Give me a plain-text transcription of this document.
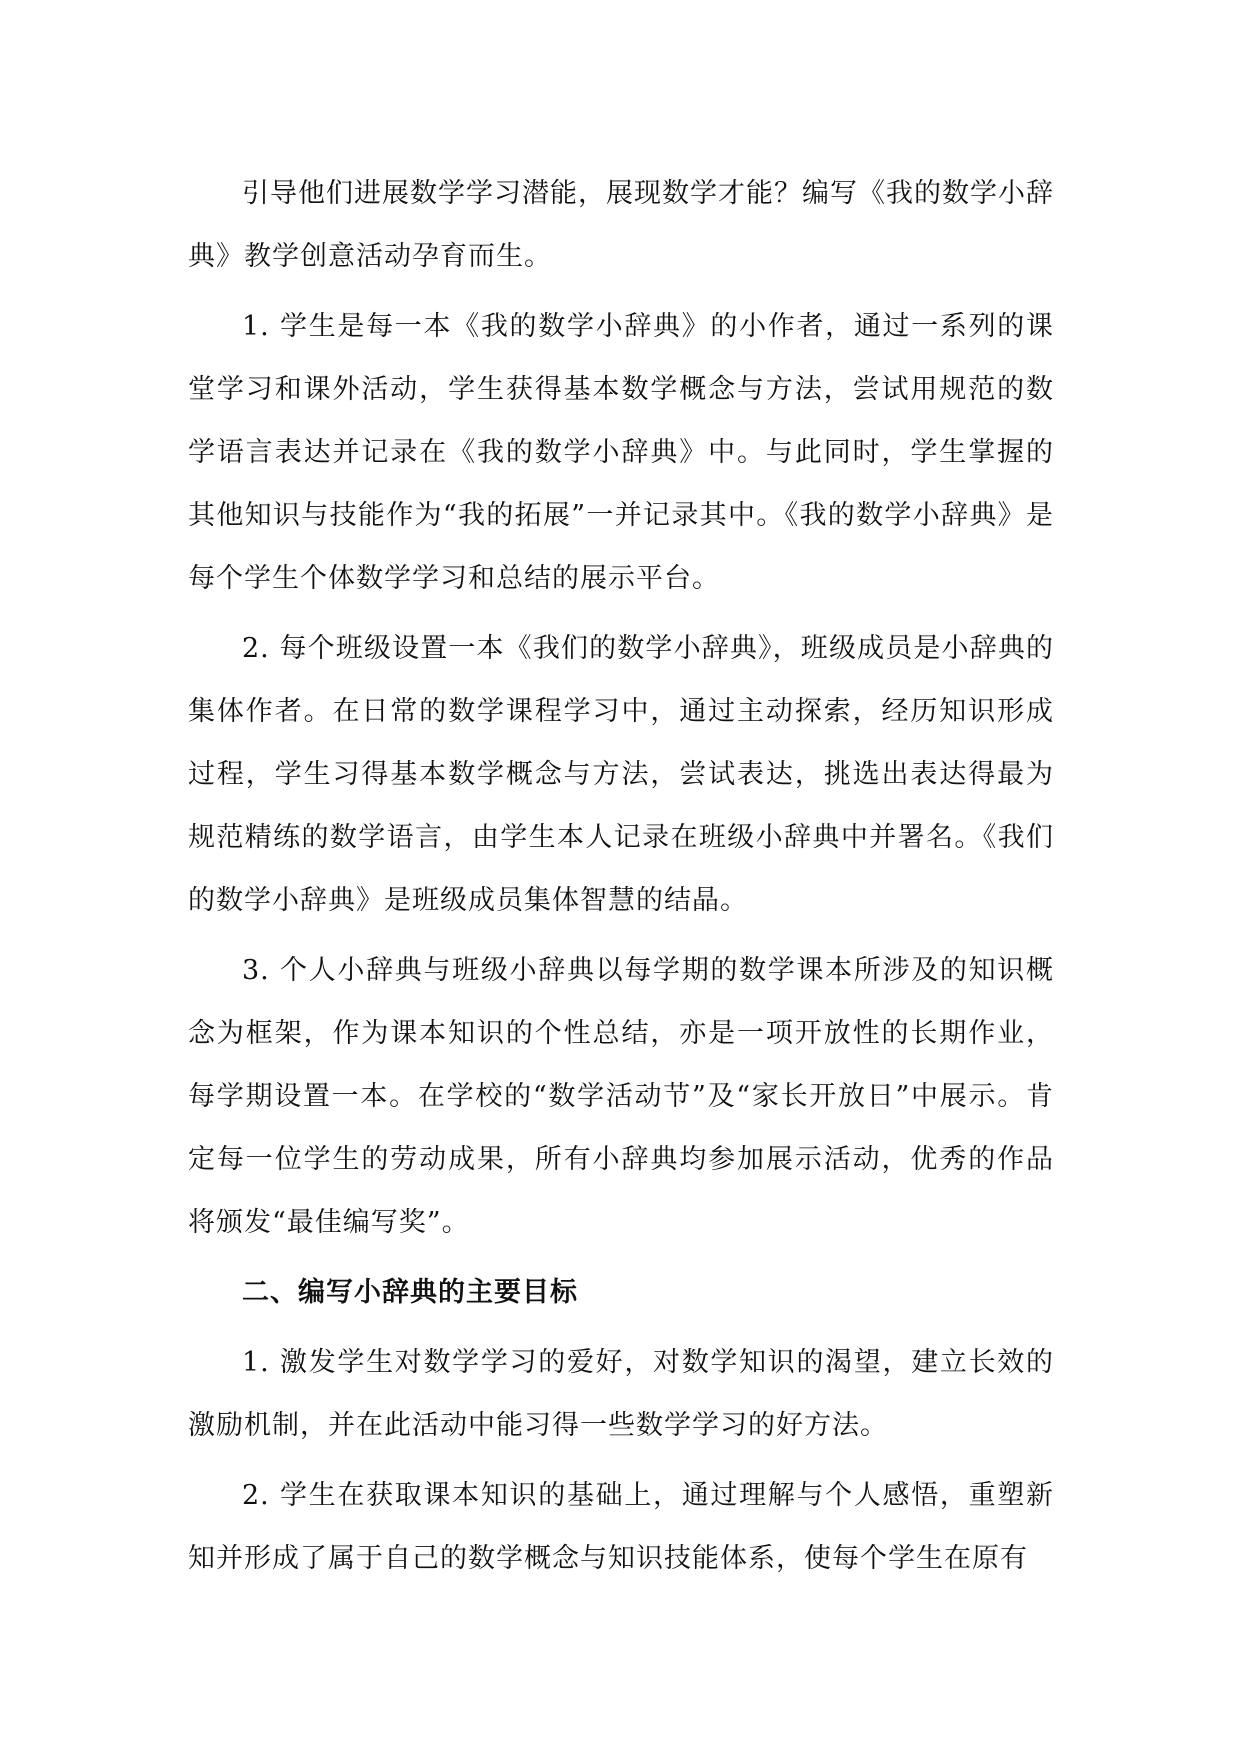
引导他们进展数学学习潜能，展现数学才能？编写《我的数学小辞典》教学创意活动孕育而生。

1. 学生是每一本《我的数学小辞典》的小作者，通过一系列的课堂学习和课外活动，学生获得基本数学概念与方法，尝试用规范的数学语言表达并记录在《我的数学小辞典》中。与此同时，学生掌握的其他知识与技能作为“我的拓展”一并记录其中。《我的数学小辞典》是每个学生个体数学学习和总结的展示平台。

2. 每个班级设置一本《我们的数学小辞典》，班级成员是小辞典的集体作者。在日常的数学课程学习中，通过主动探索，经历知识形成过程，学生习得基本数学概念与方法，尝试表达，挑选出表达得最为规范精练的数学语言，由学生本人记录在班级小辞典中并署名。《我们的数学小辞典》是班级成员集体智慧的结晶。

3. 个人小辞典与班级小辞典以每学期的数学课本所涉及的知识概念为框架，作为课本知识的个性总结，亦是一项开放性的长期作业，每学期设置一本。在学校的“数学活动节”及“家长开放日”中展示。肯定每一位学生的劳动成果，所有小辞典均参加展示活动，优秀的作品将颁发“最佳编写奖”。

二、编写小辞典的主要目标

1. 激发学生对数学学习的爱好，对数学知识的渴望，建立长效的激励机制，并在此活动中能习得一些数学学习的好方法。

2. 学生在获取课本知识的基础上，通过理解与个人感悟，重塑新知并形成了属于自己的数学概念与知识技能体系，使每个学生在原有
